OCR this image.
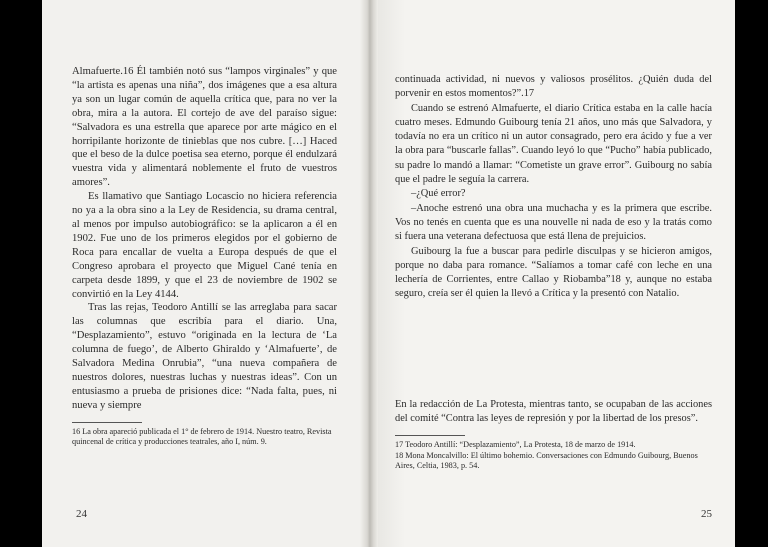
Almafuerte.16 Él también notó sus “lampos virginales” y que “la artista es apenas una niña”, dos imágenes que a esa altura ya son un lugar común de aquella crítica que, para no ver la obra, mira a la autora. El cortejo de ave del paraíso sigue: “Salvadora es una estrella que aparece por arte mágico en el horripilante horizonte de tinieblas que nos cubre. […] Haced que el beso de la dulce poetisa sea eterno, porque él endulzará vuestra vida y alimentará noblemente el fruto de vuestros amores”.

Es llamativo que Santiago Locascio no hiciera referencia no ya a la obra sino a la Ley de Residencia, su drama central, al menos por impulso autobiográfico: se la aplicaron a él en 1902. Fue uno de los primeros elegidos por el gobierno de Roca para encallar de vuelta a Europa después de que el Congreso aprobara el proyecto que Miguel Cané tenía en carpeta desde 1899, y que el 23 de noviembre de 1902 se convirtió en la Ley 4144.

Tras las rejas, Teodoro Antillí se las arreglaba para sacar las columnas que escribía para el diario. Una, “Desplazamiento”, estuvo “originada en la lectura de ‘La columna de fuego’, de Alberto Ghiraldo y ‘Almafuerte’, de Salvadora Medina Onrubia”, “una nueva compañera de nuestros dolores, nuestras luchas y nuestras ideas”. Con un entusiasmo a prueba de prisiones dice: “Nada falta, pues, ni nueva y siempre

16 La obra apareció publicada el 1° de febrero de 1914. Nuestro teatro, Revista quincenal de crítica y producciones teatrales, año I, núm. 9.

24

continuada actividad, ni nuevos y valiosos prosélitos. ¿Quién duda del porvenir en estos momentos?”.17

Cuando se estrenó Almafuerte, el diario Crítica estaba en la calle hacía cuatro meses. Edmundo Guibourg tenía 21 años, uno más que Salvadora, y todavía no era un crítico ni un autor consagrado, pero era ácido y fue a ver la obra para “buscarle fallas”. Cuando leyó lo que “Pucho” había publicado, su padre lo mandó a llamar: “Cometiste un grave error”. Guibourg no sabía que el padre le seguía la carrera.

–¿Qué error?

–Anoche estrenó una obra una muchacha y es la primera que escribe. Vos no tenés en cuenta que es una nouvelle ni nada de eso y la tratás como si fuera una veterana defectuosa que está llena de prejuicios.

Guibourg la fue a buscar para pedirle disculpas y se hicieron amigos, porque no daba para romance. “Salíamos a tomar café con leche en una lechería de Corrientes, entre Callao y Riobamba”18 y, aunque no estaba seguro, creía ser él quien la llevó a Crítica y la presentó con Natalio.

En la redacción de La Protesta, mientras tanto, se ocupaban de las acciones del comité “Contra las leyes de represión y por la libertad de los presos”.

17 Teodoro Antillí: “Desplazamiento”, La Protesta, 18 de marzo de 1914.

18 Mona Moncalvillo: El último bohemio. Conversaciones con Edmundo Guibourg, Buenos Aires, Celtia, 1983, p. 54.

25
